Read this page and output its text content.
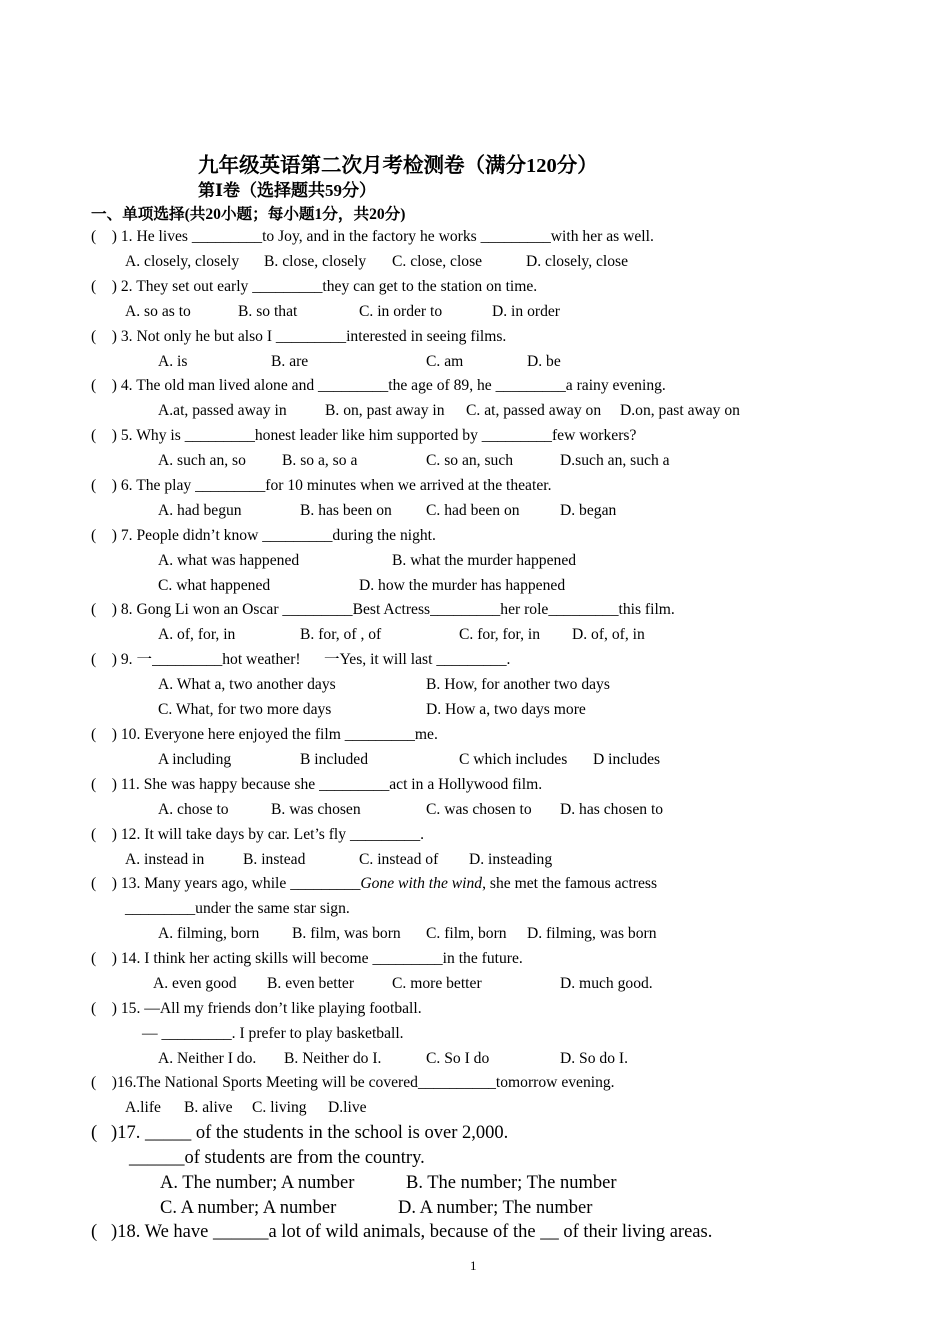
九年级英语第二次月考检测卷（满分120分）
第Ⅰ卷（选择题共59分）
一、单项选择(共20小题；每小题1分，共20分)
(    ) 1. He lives _________to Joy, and in the factory he works _________with her as well.

A. closely, closely

B. close, closely

C. close, close

	D. closely, close

(    ) 2. They set out early _________they can get to the station on time.

A. so as to

	B. so that

	C. in order to

	D. in order

(    ) 3. Not only he but also I _________interested in seeing films.

A. is

	B. are

	C. am

	D. be

(    ) 4. The old man lived alone and _________the age of 89, he _________a rainy evening.

A.at, passed away in

B. on, past away in

C. at, passed away on

D.on, past away on

(    ) 5. Why is _________honest leader like him supported by _________few workers?

A. such an, so

B. so a, so a

	C. so an, such

	D.such an, such a

(    ) 6. The play _________for 10 minutes when we arrived at the theater.

A. had begun

	B. has been on

C. had been on

	D. began

(    ) 7. People didn’t know _________during the night.

A. what was happened

	B. what the murder happened

C. what happened

	D. how the murder has happened

(    ) 8. Gong Li won an Oscar _________Best Actress_________her role_________this film.

A. of, for, in

	B. for, of , of

	C. for, for, in

D. of, of, in

(    ) 9. 一_________hot weather!      一Yes, it will last _________.

A. What a, two another days

	B. How, for another two days

C. What, for two more days

	D. How a, two days more

(    ) 10. Everyone here enjoyed the film _________me.

A including

	B included

	C which includes

D includes

(    ) 11. She was happy because she _________act in a Hollywood film.

A. chose to

	B. was chosen

	C. was chosen to

D. has chosen to

(    ) 12. It will take days by car. Let’s fly _________.

A. instead in

B. instead

	C. instead of

D. insteading

(    ) 13. Many years ago, while _________Gone with the wind, she met the famous actress
_________under the same star sign.

A. filming, born

B. film, was born

C. film, born

D. filming, was born

(    ) 14. I think her acting skills will become _________in the future.

A. even good

B. even better

C. more better

	D. much good.

(    ) 15. —All my friends don’t like playing football.
— _________. I prefer to play basketball.

A. Neither I do.

B. Neither do I.

	C. So I do

	D. So do I.

(    )16.The National Sports Meeting will be covered__________tomorrow evening.

A.life

B. alive

C. living

D.live

(   )17. _____ of the students in the school is over 2,000.
______of students are from the country.

A. The number; A number

	B. The number; The number

C. A number; A number

	D. A number; The number

(   )18. We have ______a lot of wild animals, because of the __ of their living areas.
1
